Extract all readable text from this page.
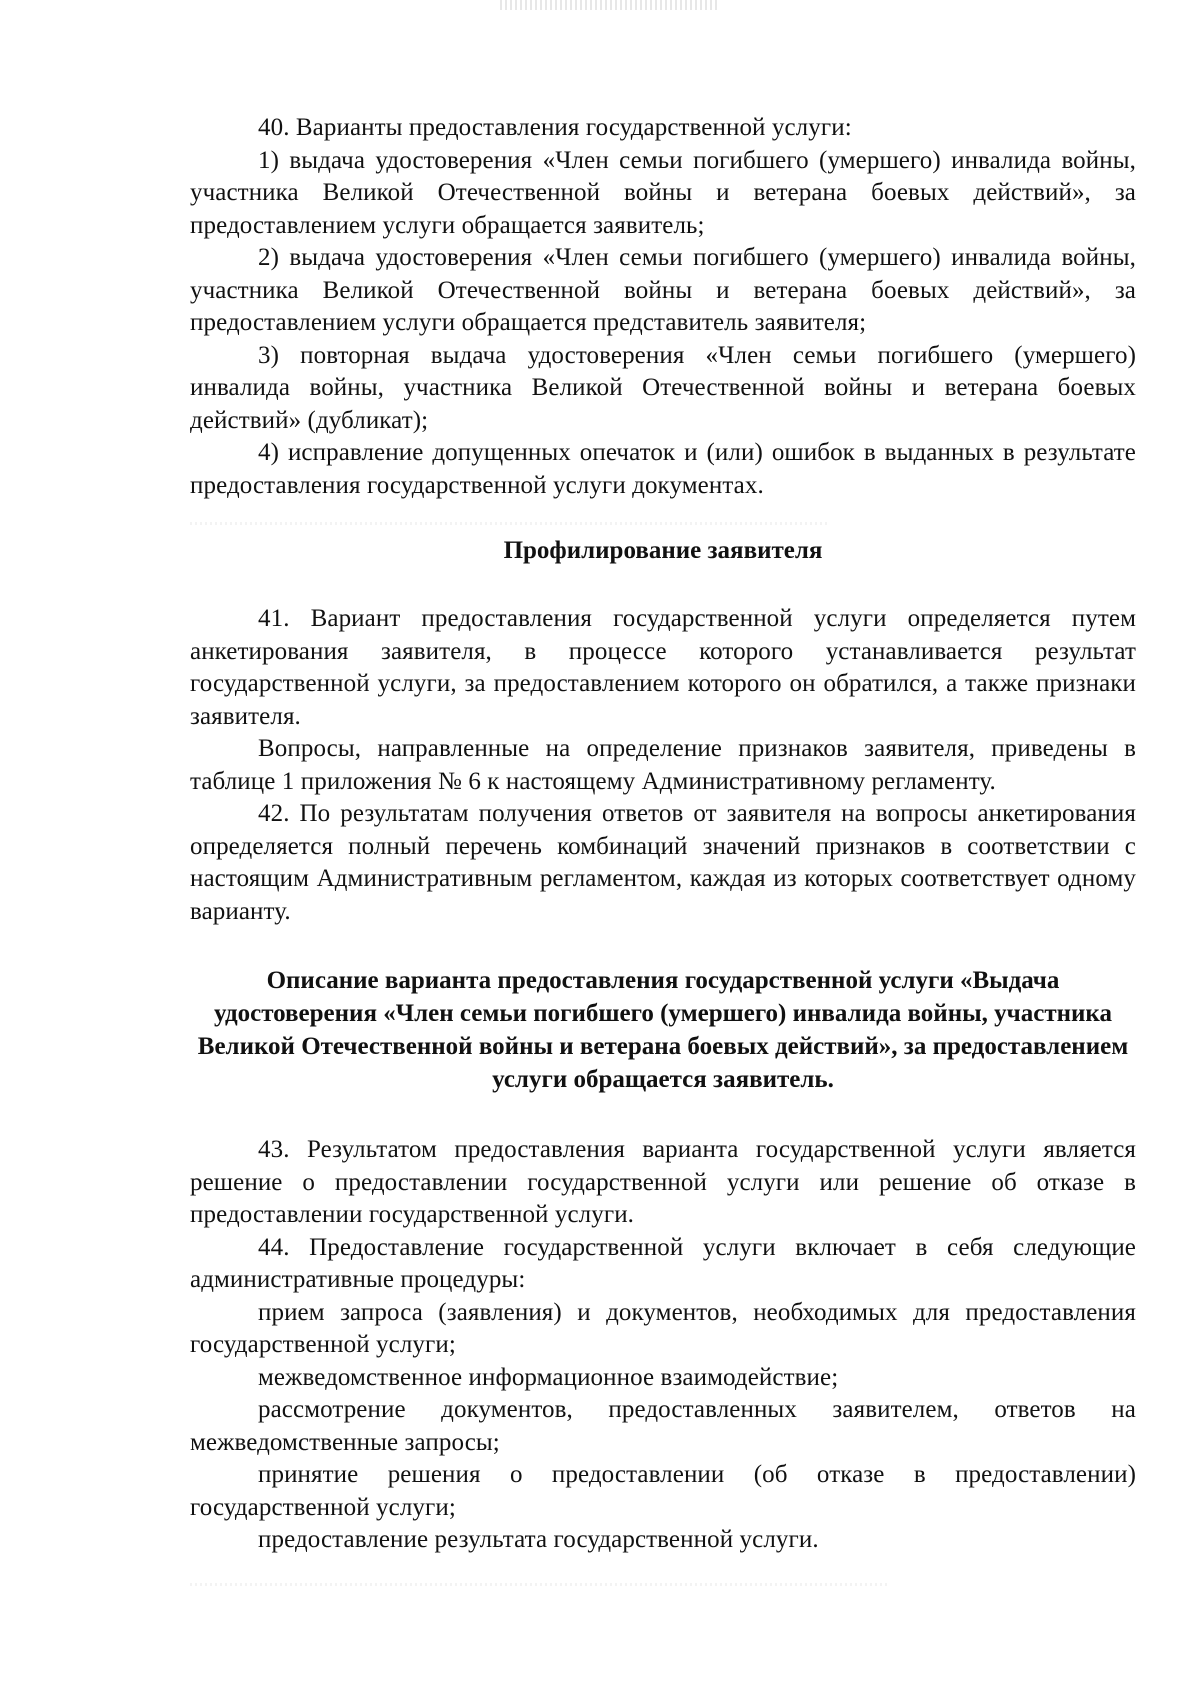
40. Варианты предоставления государственной услуги:

1) выдача удостоверения «Член семьи погибшего (умершего) инвалида войны, участника Великой Отечественной войны и ветерана боевых действий», за предоставлением услуги обращается заявитель;

2) выдача удостоверения «Член семьи погибшего (умершего) инвалида войны, участника Великой Отечественной войны и ветерана боевых действий», за предоставлением услуги обращается представитель заявителя;

3) повторная выдача удостоверения «Член семьи погибшего (умершего) инвалида войны, участника Великой Отечественной войны и ветерана боевых действий» (дубликат);

4) исправление допущенных опечаток и (или) ошибок в выданных в результате предоставления государственной услуги документах.

Профилирование заявителя

41. Вариант предоставления государственной услуги определяется путем анкетирования заявителя, в процессе которого устанавливается результат государственной услуги, за предоставлением которого он обратился, а также признаки заявителя.

Вопросы, направленные на определение признаков заявителя, приведены в таблице 1 приложения № 6 к настоящему Административному регламенту.

42. По результатам получения ответов от заявителя на вопросы анкетирования определяется полный перечень комбинаций значений признаков в соответствии с настоящим Административным регламентом, каждая из которых соответствует одному варианту.

Описание варианта предоставления государственной услуги «Выдача удостоверения «Член семьи погибшего (умершего) инвалида войны, участника Великой Отечественной войны и ветерана боевых действий», за предоставлением услуги обращается заявитель.

43. Результатом предоставления варианта государственной услуги является решение о предоставлении государственной услуги или решение об отказе в предоставлении государственной услуги.

44. Предоставление государственной услуги включает в себя следующие административные процедуры:

прием запроса (заявления) и документов, необходимых для предоставления государственной услуги;

межведомственное информационное взаимодействие;

рассмотрение документов, предоставленных заявителем, ответов на межведомственные запросы;

принятие решения о предоставлении (об отказе в предоставлении) государственной услуги;

предоставление результата государственной услуги.
